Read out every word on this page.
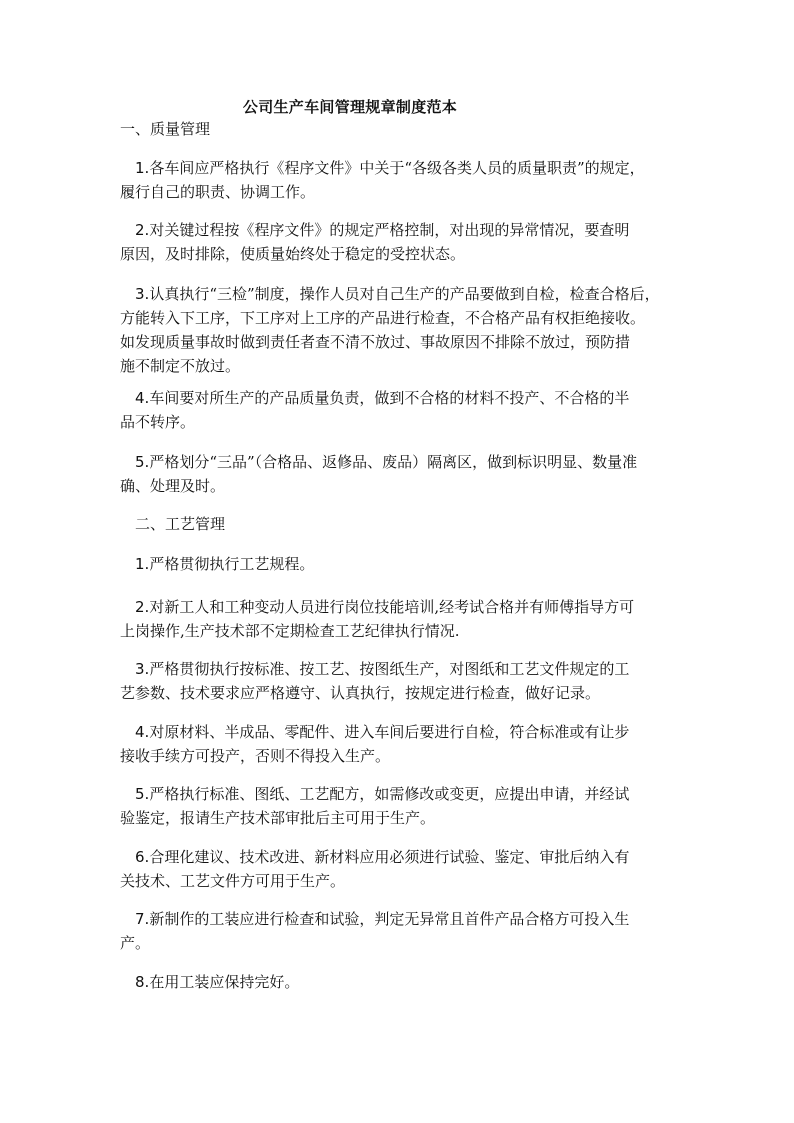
公司生产车间管理规章制度范本
一、质量管理
1.各车间应严格执行《程序文件》中关于“各级各类人员的质量职责”的规定，
履行自己的职责、协调工作。
2.对关键过程按《程序文件》的规定严格控制，对出现的异常情况，要查明
原因，及时排除，使质量始终处于稳定的受控状态。
3.认真执行“三检”制度，操作人员对自己生产的产品要做到自检，检查合格后，
方能转入下工序，下工序对上工序的产品进行检查，不合格产品有权拒绝接收。
如发现质量事故时做到责任者查不清不放过、事故原因不排除不放过，预防措
施不制定不放过。
4.车间要对所生产的产品质量负责，做到不合格的材料不投产、不合格的半
品不转序。
5.严格划分“三品”（合格品、返修品、废品）隔离区，做到标识明显、数量准
确、处理及时。
二、工艺管理
1.严格贯彻执行工艺规程。
2.对新工人和工种变动人员进行岗位技能培训,经考试合格并有师傅指导方可
上岗操作,生产技术部不定期检查工艺纪律执行情况.
3.严格贯彻执行按标准、按工艺、按图纸生产，对图纸和工艺文件规定的工
艺参数、技术要求应严格遵守、认真执行，按规定进行检查，做好记录。
4.对原材料、半成品、零配件、进入车间后要进行自检，符合标准或有让步
接收手续方可投产，否则不得投入生产。
5.严格执行标准、图纸、工艺配方，如需修改或变更，应提出申请，并经试
验鉴定，报请生产技术部审批后主可用于生产。
6.合理化建议、技术改进、新材料应用必须进行试验、鉴定、审批后纳入有
关技术、工艺文件方可用于生产。
7.新制作的工装应进行检查和试验，判定无异常且首件产品合格方可投入生
产。
8.在用工装应保持完好。
